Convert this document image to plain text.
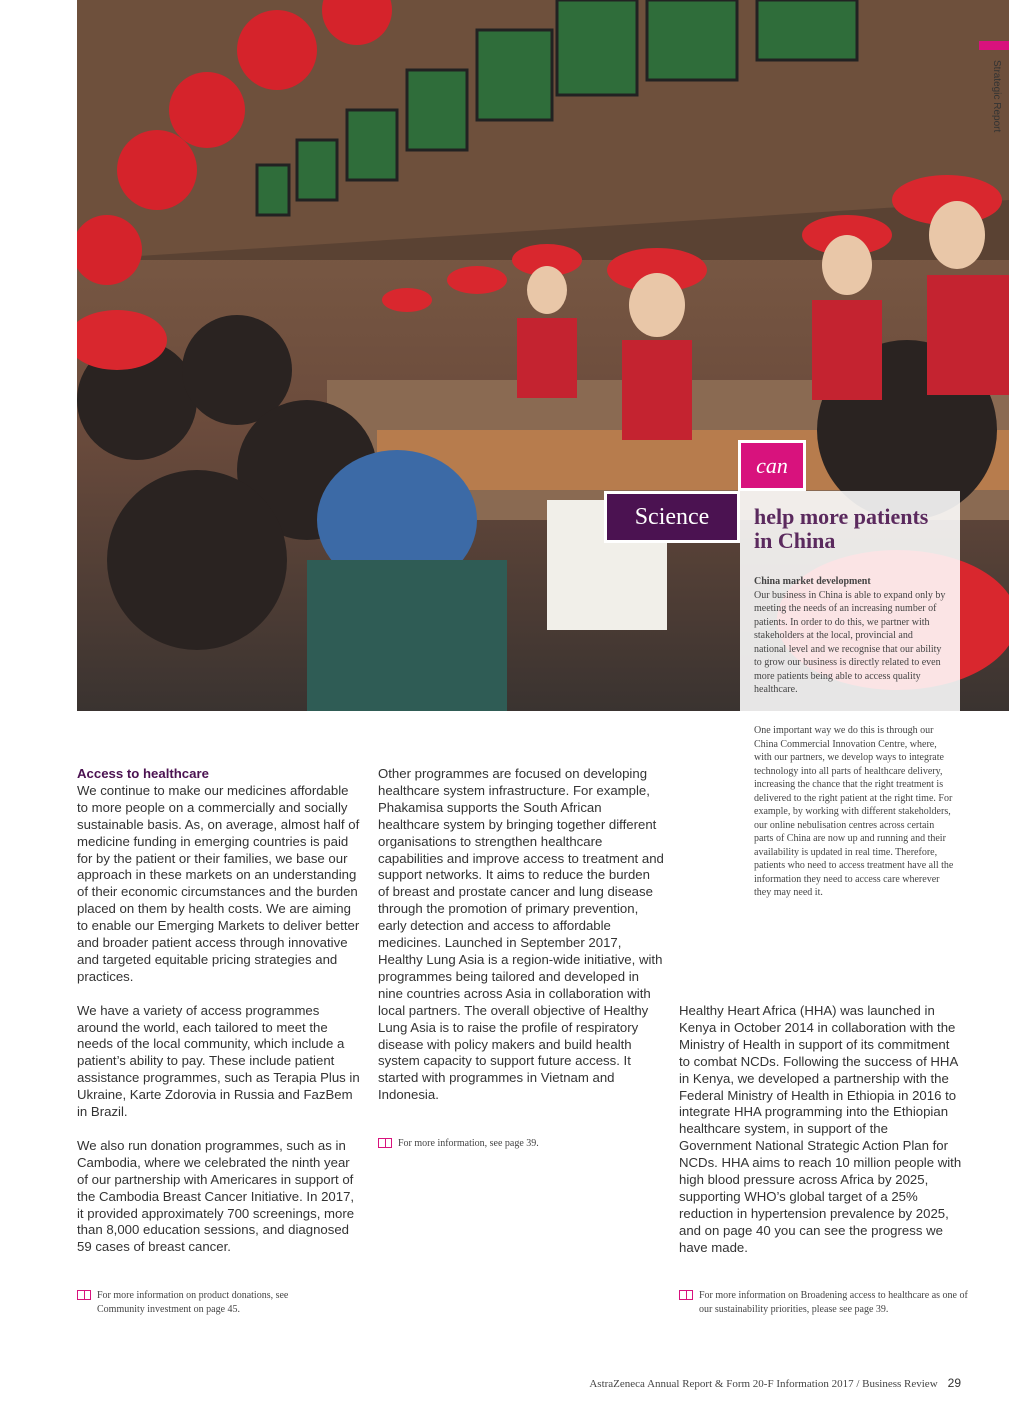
Strategic Report
can
Science	help more patients in China
China market development
Our business in China is able to expand only by meeting the needs of an increasing number of patients. In order to do this, we partner with stakeholders at the local, provincial and national level and we recognise that our ability to grow our business is directly related to even more patients being able to access quality healthcare.
One important way we do this is through our China Commercial Innovation Centre, where, with our partners, we develop ways to integrate technology into all parts of healthcare delivery, increasing the chance that the right treatment is delivered to the right patient at the right time. For example, by working with different stakeholders, our online nebulisation centres across certain parts of China are now up and running and their availability is updated in real time. Therefore, patients who need to access treatment have all the information they need to access care wherever they may need it.
Access to healthcare

We continue to make our medicines affordable to more people on a commercially and socially sustainable basis. As, on average, almost half of medicine funding in emerging countries is paid for by the patient or their families, we base our approach in these markets on an understanding of their economic circumstances and the burden placed on them by health costs. We are aiming to enable our Emerging Markets to deliver better and broader patient access through innovative and targeted equitable pricing strategies and practices.

We have a variety of access programmes around the world, each tailored to meet the needs of the local community, which include a patient’s ability to pay. These include patient assistance programmes, such as Terapia Plus in Ukraine, Karte Zdorovia in Russia and FazBem in Brazil.

We also run donation programmes, such as in Cambodia, where we celebrated the ninth year of our partnership with Americares in support of the Cambodia Breast Cancer Initiative. In 2017, it provided approximately 700 screenings, more than 8,000 education sessions, and diagnosed 59 cases of breast cancer.

For more information on product donations, see Community investment on page 45.

Other programmes are focused on developing healthcare system infrastructure. For example, Phakamisa supports the South African healthcare system by bringing together different organisations to strengthen healthcare capabilities and improve access to treatment and support networks. It aims to reduce the burden of breast and prostate cancer and lung disease through the promotion of primary prevention, early detection and access to affordable medicines. Launched in September 2017, Healthy Lung Asia is a region-wide initiative, with programmes being tailored and developed in nine countries across Asia in collaboration with local partners. The overall objective of Healthy Lung Asia is to raise the profile of respiratory disease with policy makers and build health system capacity to support future access. It started with programmes in Vietnam and Indonesia.

For more information, see page 39.

Healthy Heart Africa (HHA) was launched in Kenya in October 2014 in collaboration with the Ministry of Health in support of its commitment to combat NCDs. Following the success of HHA in Kenya, we developed a partnership with the Federal Ministry of Health in Ethiopia in 2016 to integrate HHA programming into the Ethiopian healthcare system, in support of the Government National Strategic Action Plan for NCDs. HHA aims to reach 10 million people with high blood pressure across Africa by 2025, supporting WHO’s global target of a 25% reduction in hypertension prevalence by 2025, and on page 40 you can see the progress we have made.

For more information on Broadening access to healthcare as one of our sustainability priorities, please see page 39.
AstraZeneca Annual Report & Form 20-F Information 2017 / Business Review 29
